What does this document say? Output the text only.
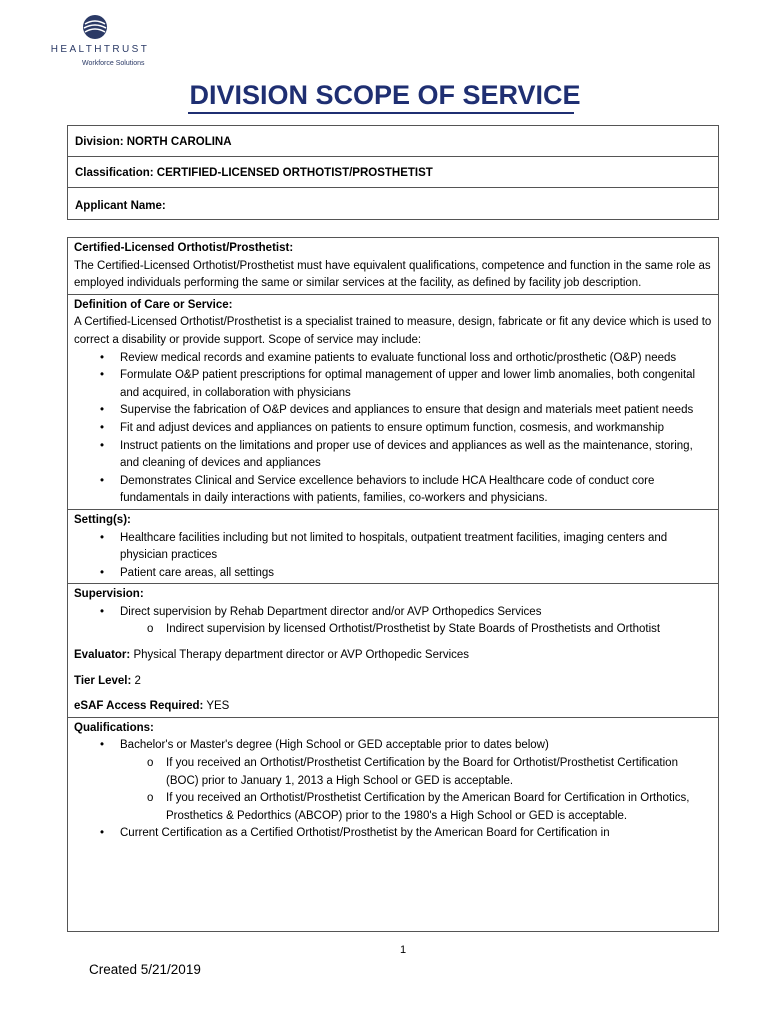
HEALTHTRUST
Workforce Solutions
DIVISION SCOPE OF SERVICE
Division: NORTH CAROLINA
Classification: CERTIFIED-LICENSED ORTHOTIST/PROSTHETIST
Applicant Name:
Certified-Licensed Orthotist/Prosthetist:
The Certified-Licensed Orthotist/Prosthetist must have equivalent qualifications, competence and function in the same role as employed individuals performing the same or similar services at the facility, as defined by facility job description.
Definition of Care or Service:
A Certified-Licensed Orthotist/Prosthetist is a specialist trained to measure, design, fabricate or fit any device which is used to correct a disability or provide support. Scope of service may include:
• Review medical records and examine patients to evaluate functional loss and orthotic/prosthetic (O&P) needs
• Formulate O&P patient prescriptions for optimal management of upper and lower limb anomalies, both congenital and acquired, in collaboration with physicians
• Supervise the fabrication of O&P devices and appliances to ensure that design and materials meet patient needs
• Fit and adjust devices and appliances on patients to ensure optimum function, cosmesis, and workmanship
• Instruct patients on the limitations and proper use of devices and appliances as well as the maintenance, storing, and cleaning of devices and appliances
• Demonstrates Clinical and Service excellence behaviors to include HCA Healthcare code of conduct core fundamentals in daily interactions with patients, families, co-workers and physicians.
Setting(s):
• Healthcare facilities including but not limited to hospitals, outpatient treatment facilities, imaging centers and physician practices
• Patient care areas, all settings
Supervision:
• Direct supervision by Rehab Department director and/or AVP Orthopedics Services
o Indirect supervision by licensed Orthotist/Prosthetist by State Boards of Prosthetists and Orthotist
Evaluator: Physical Therapy department director or AVP Orthopedic Services
Tier Level: 2
eSAF Access Required: YES
Qualifications:
• Bachelor's or Master's degree (High School or GED acceptable prior to dates below)
o If you received an Orthotist/Prosthetist Certification by the Board for Orthotist/Prosthetist Certification (BOC) prior to January 1, 2013 a High School or GED is acceptable.
o If you received an Orthotist/Prosthetist Certification by the American Board for Certification in Orthotics, Prosthetics & Pedorthics (ABCOP) prior to the 1980's a High School or GED is acceptable.
• Current Certification as a Certified Orthotist/Prosthetist by the American Board for Certification in
1
Created 5/21/2019
